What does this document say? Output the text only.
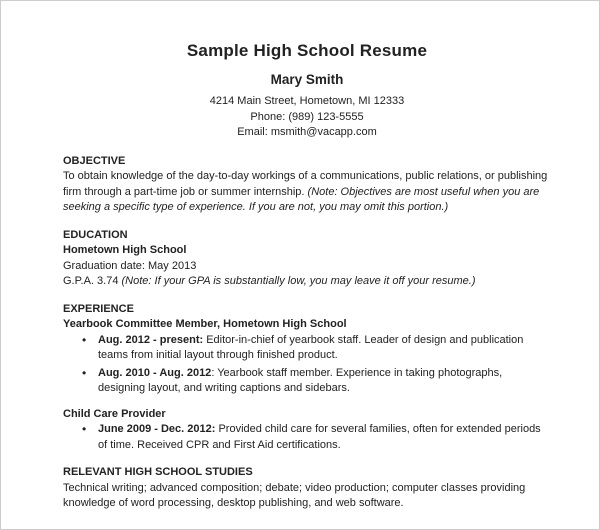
Sample High School Resume
Mary Smith
4214 Main Street, Hometown, MI 12333
Phone: (989) 123-5555
Email: msmith@vacapp.com
OBJECTIVE

To obtain knowledge of the day-to-day workings of a communications, public relations, or publishing firm through a part-time job or summer internship. (Note: Objectives are most useful when you are seeking a specific type of experience. If you are not, you may omit this portion.)

EDUCATION
Hometown High School
Graduation date: May 2013

G.P.A. 3.74 (Note: If your GPA is substantially low, you may leave it off your resume.)

EXPERIENCE
Yearbook Committee Member, Hometown High School
• Aug. 2012 - present: Editor-in-chief of yearbook staff. Leader of design and publication teams from initial layout through finished product.
• Aug. 2010 - Aug. 2012: Yearbook staff member. Experience in taking photographs, designing layout, and writing captions and sidebars.
Child Care Provider
• June 2009 - Dec. 2012: Provided child care for several families, often for extended periods of time. Received CPR and First Aid certifications.
RELEVANT HIGH SCHOOL STUDIES

Technical writing; advanced composition; debate; video production; computer classes providing knowledge of word processing, desktop publishing, and web software.
